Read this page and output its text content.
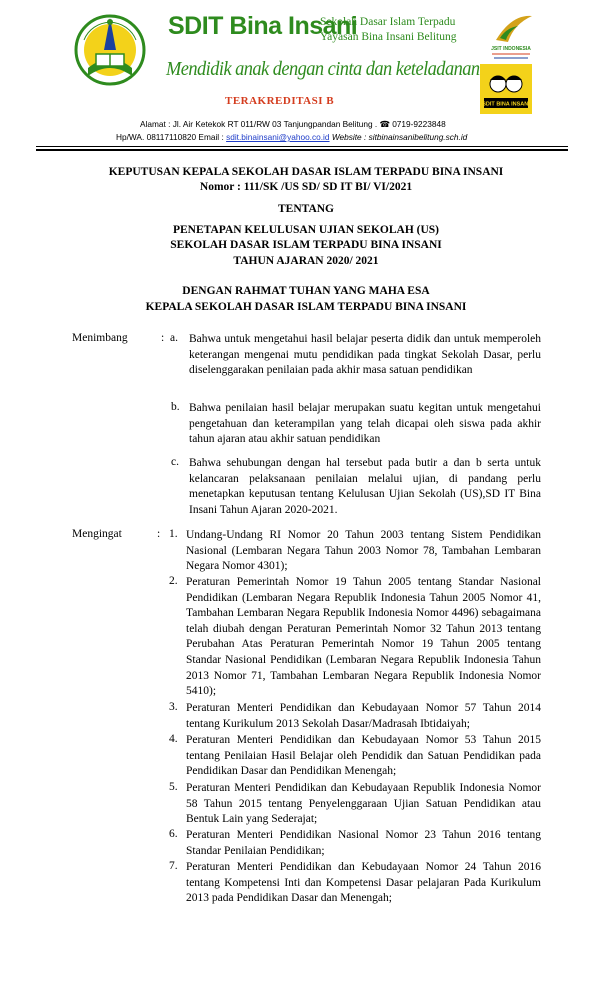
SDIT Bina Insani
Sekolah Dasar Islam Terpadu
Yayasan Bina Insani Belitung
Mendidik anak dengan cinta dan keteladanan
TERAKREDITASI B
JSIT INDONESIA
SDIT BINA INSANI
Alamat : Jl. Air Ketekok RT 011/RW 03 Tanjungpandan Belitung . ☎ 0719-9223848
Hp/WA. 08117110820 Email : sdit.binainsani@yahoo.co.id Website : sitbinainsanibelitung.sch.id
KEPUTUSAN KEPALA SEKOLAH DASAR ISLAM TERPADU BINA INSANI
Nomor : 111/SK /US SD/ SD IT BI/ VI/2021
TENTANG
PENETAPAN KELULUSAN UJIAN SEKOLAH (US)
SEKOLAH DASAR ISLAM TERPADU BINA INSANI
TAHUN AJARAN 2020/ 2021
DENGAN RAHMAT TUHAN YANG MAHA ESA
KEPALA SEKOLAH DASAR ISLAM TERPADU BINA INSANI
Menimbang	: a. Bahwa untuk mengetahui hasil belajar peserta didik dan untuk memperoleh keterangan mengenai mutu pendidikan pada tingkat Sekolah Dasar, perlu diselenggarakan penilaian pada akhir masa satuan pendidikan

b. Bahwa penilaian hasil belajar merupakan suatu kegitan untuk mengetahui pengetahuan dan keterampilan yang telah dicapai oleh siswa pada akhir tahun ajaran atau akhir satuan pendidikan

c. Bahwa sehubungan dengan hal tersebut pada butir a dan b serta untuk kelancaran pelaksanaan penilaian melalui ujian, di pandang perlu menetapkan keputusan tentang Kelulusan Ujian Sekolah (US),SD IT Bina Insani Tahun Ajaran 2020-2021.

Mengingat	: 1. Undang-Undang RI Nomor 20 Tahun 2003 tentang Sistem Pendidikan Nasional (Lembaran Negara Tahun 2003 Nomor 78, Tambahan Lembaran Negara Nomor 4301);

2. Peraturan Pemerintah Nomor 19 Tahun 2005 tentang Standar Nasional Pendidikan (Lembaran Negara Republik Indonesia Tahun 2005 Nomor 41, Tambahan Lembaran Negara Republik Indonesia Nomor 4496) sebagaimana telah diubah dengan Peraturan Pemerintah Nomor 32 Tahun 2013 tentang Perubahan Atas Peraturan Pemerintah Nomor 19 Tahun 2005 tentang Standar Nasional Pendidikan (Lembaran Negara Republik Indonesia Tahun 2013 Nomor 71, Tambahan Lembaran Negara Republik Indonesia Nomor 5410);

3. Peraturan Menteri Pendidikan dan Kebudayaan Nomor 57 Tahun 2014 tentang Kurikulum 2013 Sekolah Dasar/Madrasah Ibtidaiyah;

4. Peraturan Menteri Pendidikan dan Kebudayaan Nomor 53 Tahun 2015 tentang Penilaian Hasil Belajar oleh Pendidik dan Satuan Pendidikan pada Pendidikan Dasar dan Pendidikan Menengah;

5. Peraturan Menteri Pendidikan dan Kebudayaan Republik Indonesia Nomor 58 Tahun 2015 tentang Penyelenggaraan Ujian Satuan Pendidikan atau Bentuk Lain yang Sederajat;

6. Peraturan Menteri Pendidikan Nasional Nomor 23 Tahun 2016 tentang Standar Penilaian Pendidikan;

7. Peraturan Menteri Pendidikan dan Kebudayaan Nomor 24 Tahun 2016 tentang Kompetensi Inti dan Kompetensi Dasar pelajaran Pada Kurikulum 2013 pada Pendidikan Dasar dan Menengah;
